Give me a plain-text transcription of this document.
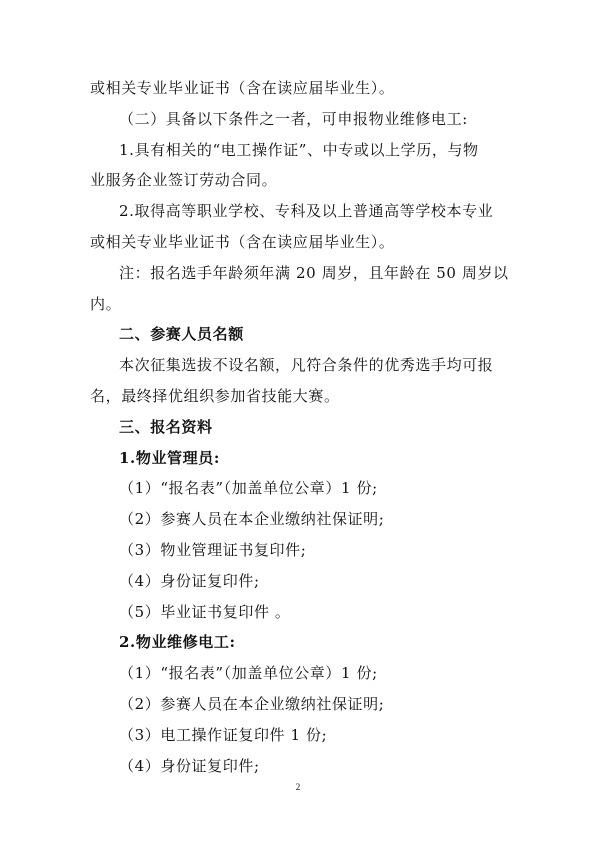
或相关专业毕业证书（含在读应届毕业生）。
（二）具备以下条件之一者，可申报物业维修电工:
1.具有相关的“电工操作证”、中专或以上学历，与物
业服务企业签订劳动合同。
2.取得高等职业学校、专科及以上普通高等学校本专业
或相关专业毕业证书（含在读应届毕业生）。
注：报名选手年龄须年满 20 周岁，且年龄在 50 周岁以
内。
二、参赛人员名额
本次征集选拔不设名额，凡符合条件的优秀选手均可报
名，最终择优组织参加省技能大赛。
三、报名资料
1.物业管理员:
（1）“报名表”（加盖单位公章）1 份;
（2）参赛人员在本企业缴纳社保证明;
（3）物业管理证书复印件;
（4）身份证复印件;
（5）毕业证书复印件 。
2.物业维修电工:
（1）“报名表”（加盖单位公章）1 份;
（2）参赛人员在本企业缴纳社保证明;
（3）电工操作证复印件 1 份;
（4）身份证复印件;
2
